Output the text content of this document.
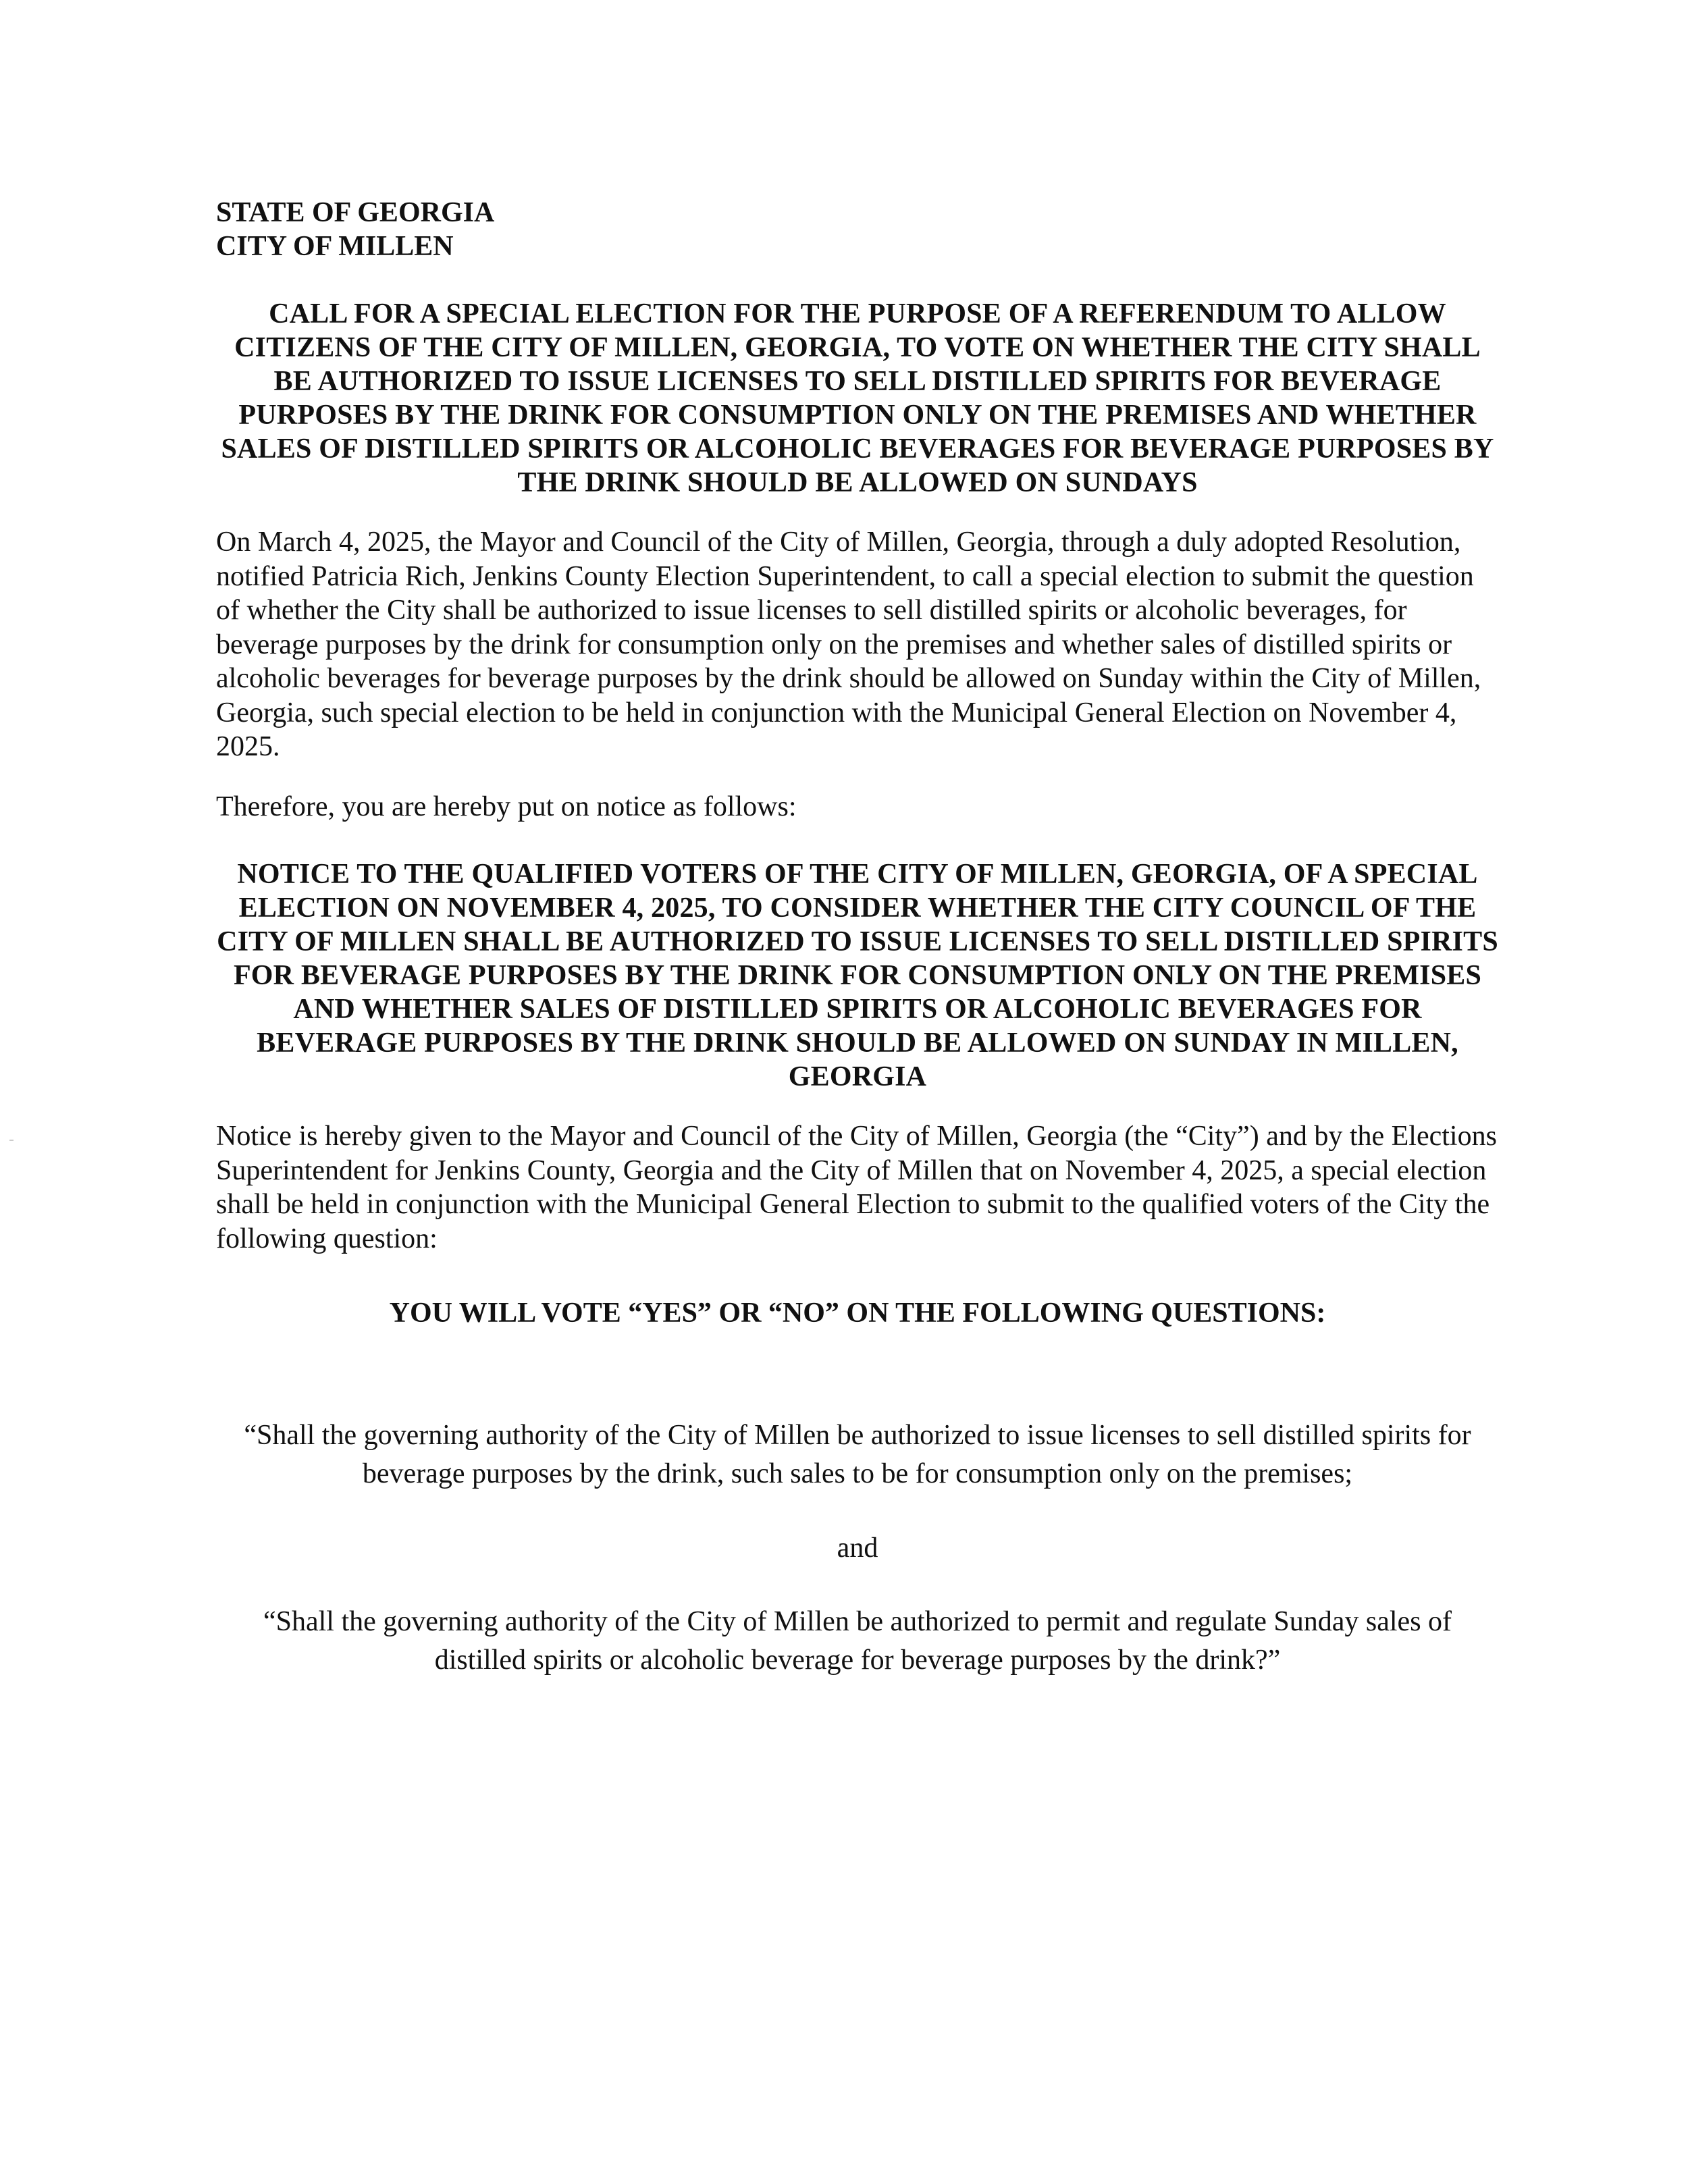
STATE OF GEORGIA

CITY OF MILLEN

CALL FOR A SPECIAL ELECTION FOR THE PURPOSE OF A REFERENDUM TO ALLOW CITIZENS OF THE CITY OF MILLEN, GEORGIA, TO VOTE ON WHETHER THE CITY SHALL BE AUTHORIZED TO ISSUE LICENSES TO SELL DISTILLED SPIRITS FOR BEVERAGE PURPOSES BY THE DRINK FOR CONSUMPTION ONLY ON THE PREMISES AND WHETHER SALES OF DISTILLED SPIRITS OR ALCOHOLIC BEVERAGES FOR BEVERAGE PURPOSES BY THE DRINK SHOULD BE ALLOWED ON SUNDAYS

On March 4, 2025, the Mayor and Council of the City of Millen, Georgia, through a duly adopted Resolution, notified Patricia Rich, Jenkins County Election Superintendent, to call a special election to submit the question of whether the City shall be authorized to issue licenses to sell distilled spirits or alcoholic beverages, for beverage purposes by the drink for consumption only on the premises and whether sales of distilled spirits or alcoholic beverages for beverage purposes by the drink should be allowed on Sunday within the City of Millen, Georgia, such special election to be held in conjunction with the Municipal General Election on November 4, 2025.

Therefore, you are hereby put on notice as follows:

NOTICE TO THE QUALIFIED VOTERS OF THE CITY OF MILLEN, GEORGIA, OF A SPECIAL ELECTION ON NOVEMBER 4, 2025, TO CONSIDER WHETHER THE CITY COUNCIL OF THE CITY OF MILLEN SHALL BE AUTHORIZED TO ISSUE LICENSES TO SELL DISTILLED SPIRITS FOR BEVERAGE PURPOSES BY THE DRINK FOR CONSUMPTION ONLY ON THE PREMISES AND WHETHER SALES OF DISTILLED SPIRITS OR ALCOHOLIC BEVERAGES FOR BEVERAGE PURPOSES BY THE DRINK SHOULD BE ALLOWED ON SUNDAY IN MILLEN, GEORGIA

Notice is hereby given to the Mayor and Council of the City of Millen, Georgia (the “City”) and by the Elections Superintendent for Jenkins County, Georgia and the City of Millen that on November 4, 2025, a special election shall be held in conjunction with the Municipal General Election to submit to the qualified voters of the City the following question:

YOU WILL VOTE “YES” OR “NO” ON THE FOLLOWING QUESTIONS:

“Shall the governing authority of the City of Millen be authorized to issue licenses to sell distilled spirits for beverage purposes by the drink, such sales to be for consumption only on the premises;

and

“Shall the governing authority of the City of Millen be authorized to permit and regulate Sunday sales of distilled spirits or alcoholic beverage for beverage purposes by the drink?”
